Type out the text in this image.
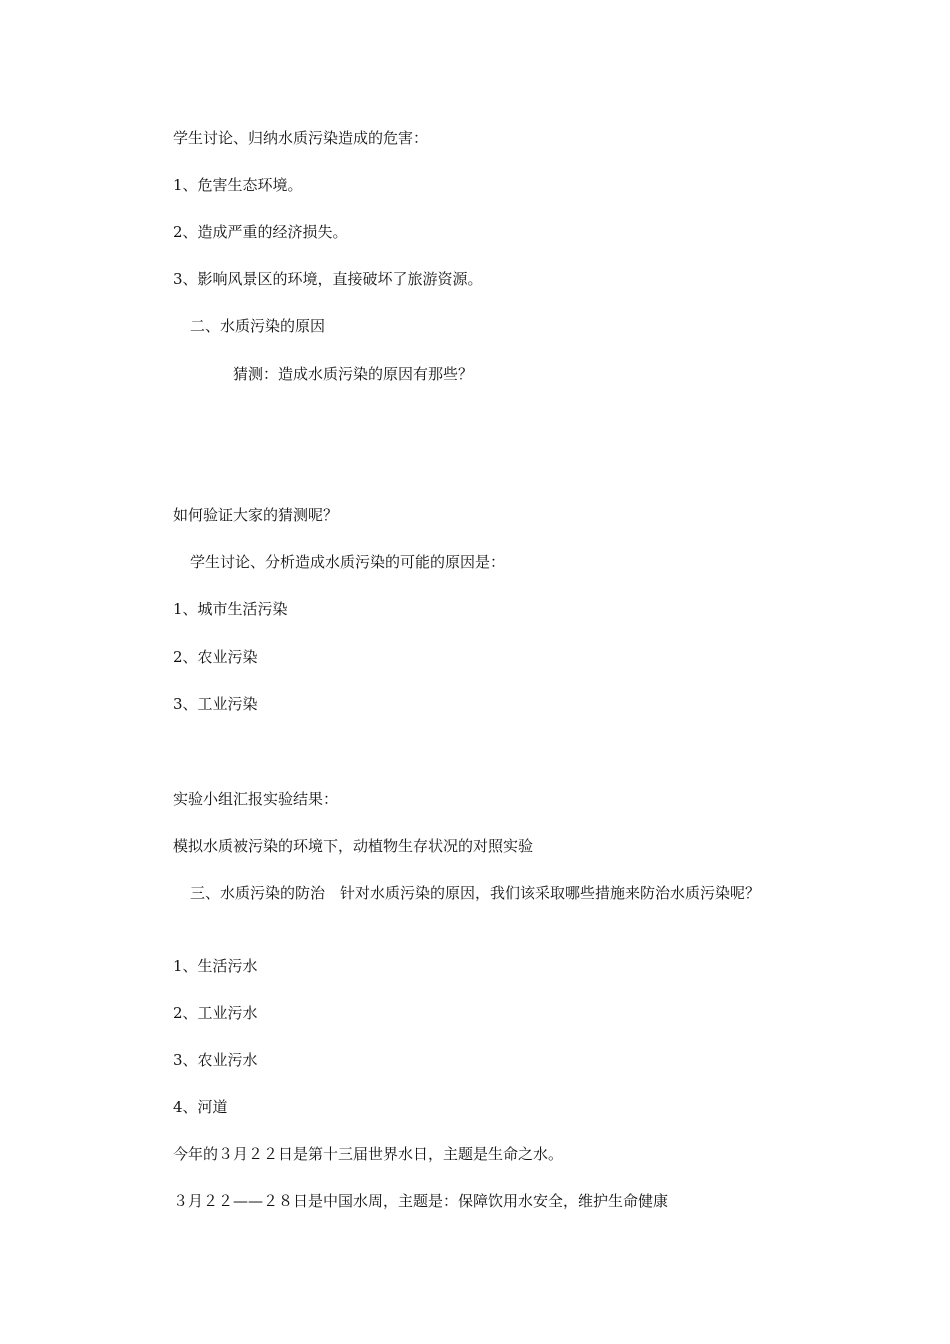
学生讨论、归纳水质污染造成的危害：
1、危害生态环境。
2、造成严重的经济损失。
3、影响风景区的环境，直接破坏了旅游资源。
二、水质污染的原因
猜测：造成水质污染的原因有那些？
如何验证大家的猜测呢？
学生讨论、分析造成水质污染的可能的原因是：
1、城市生活污染
2、农业污染
3、工业污染
实验小组汇报实验结果：
模拟水质被污染的环境下，动植物生存状况的对照实验
三、水质污染的防治　针对水质污染的原因，我们该采取哪些措施来防治水质污染呢？
1、生活污水
2、工业污水
3、农业污水
4、河道
今年的３月２２日是第十三届世界水日，主题是生命之水。
３月２２——２８日是中国水周，主题是：保障饮用水安全，维护生命健康
